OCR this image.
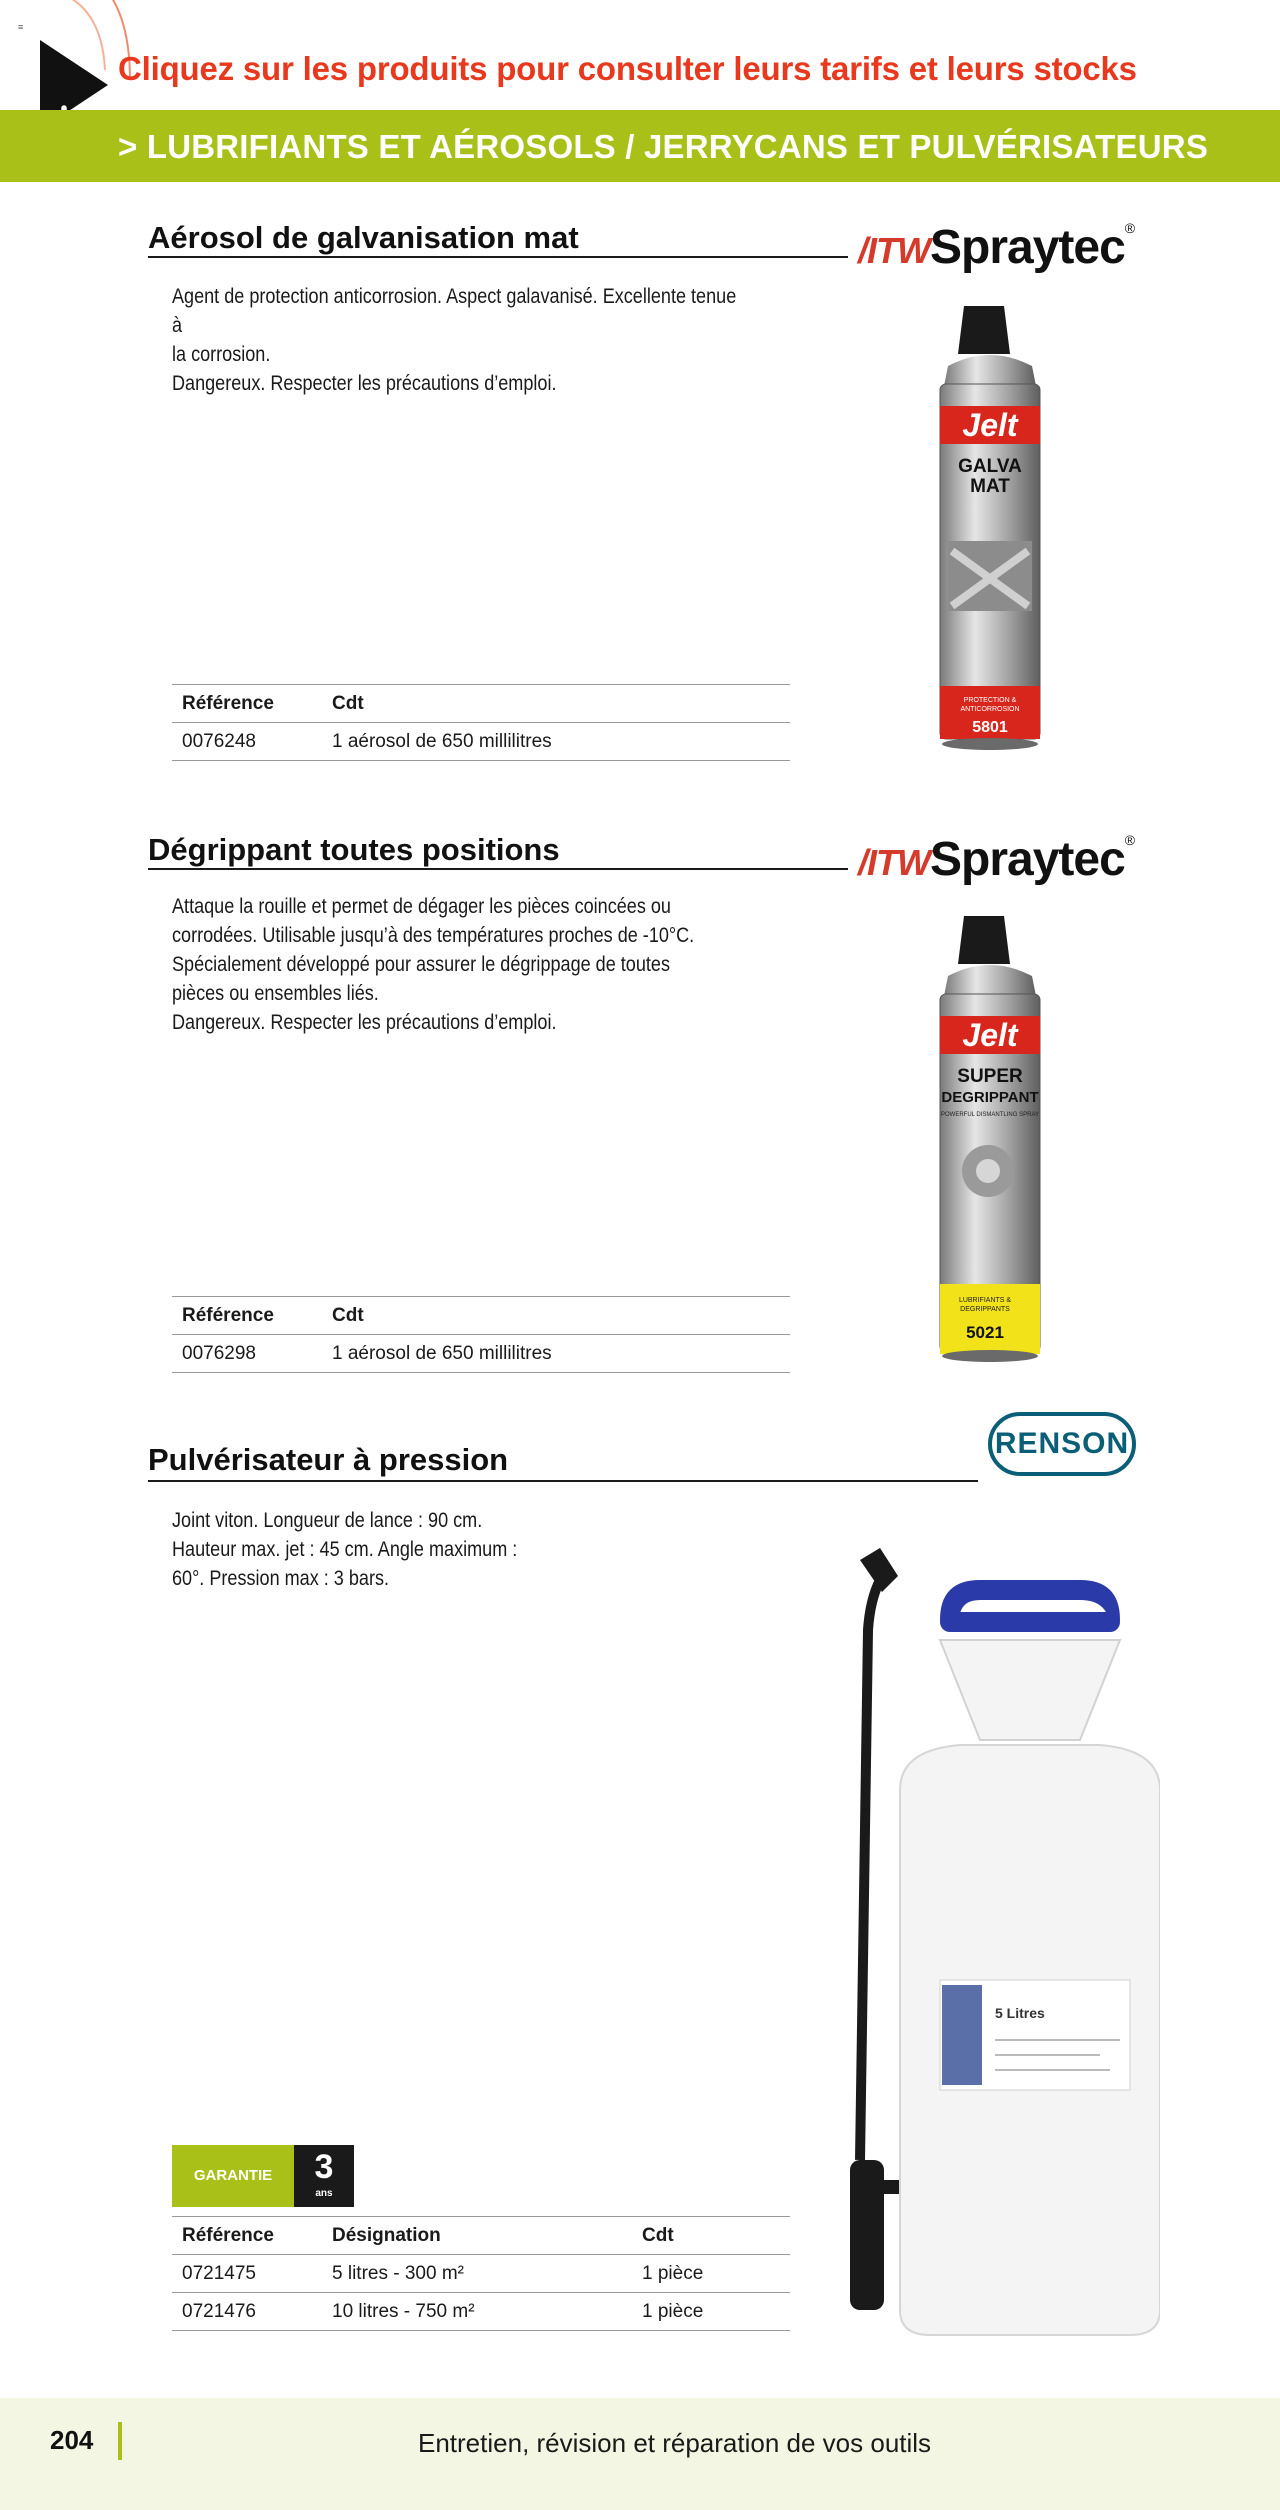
≡
Cliquez sur les produits pour consulter leurs tarifs et leurs stocks
> LUBRIFIANTS ET AÉROSOLS / JERRYCANS ET PULVÉRISATEURS
Aérosol de galvanisation mat	/ITWSpraytec®

Agent de protection anticorrosion. Aspect galavanisé. Excellente tenue à

la corrosion.

Dangereux. Respecter les précautions d’emploi.

Jelt
GALVA
MAT
PROTECTION &
ANTICORROSION
5801
Référence	Cdt
0076248	1 aérosol de 650 millilitres
Dégrippant toutes positions	/ITWSpraytec®

Attaque la rouille et permet de dégager les pièces coincées ou

corrodées. Utilisable jusqu’à des températures proches de -10°C.

Spécialement développé pour assurer le dégrippage de toutes

pièces ou ensembles liés.

Dangereux. Respecter les précautions d’emploi.	Jelt
SUPER
DEGRIPPANT
POWERFUL DISMANTLING SPRAY
LUBRIFIANTS &
DEGRIPPANTS
5021
Référence	Cdt
0076298	1 aérosol de 650 millilitres
Pulvérisateur à pression	RENSON

Joint viton. Longueur de lance : 90 cm.

Hauteur max. jet : 45 cm. Angle maximum :

60°. Pression max : 3 bars.

5 Litres
GARANTIE	3
ans
Référence	Désignation	Cdt
0721475	5 litres - 300 m²	1 pièce
0721476	10 litres - 750 m²	1 pièce
204	Entretien, révision et réparation de vos outils
